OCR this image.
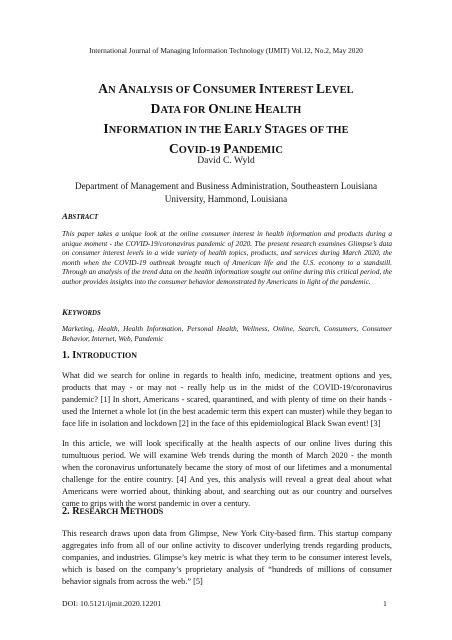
International Journal of Managing Information Technology (IJMIT) Vol.12, No.2, May 2020
AN ANALYSIS OF CONSUMER INTEREST LEVEL
DATA FOR ONLINE HEALTH
INFORMATION IN THE EARLY STAGES OF THE
COVID-19 PANDEMIC
David C. Wyld
Department of Management and Business Administration, Southeastern Louisiana
University, Hammond, Louisiana
ABSTRACT
This paper takes a unique look at the online consumer interest in health information and products during a unique moment - the COVID-19/coronavirus pandemic of 2020. The present research examines Glimpse’s data on consumer interest levels in a wide variety of health topics, products, and services during March 2020, the month when the COVID-19 outbreak brought much of American life and the U.S. economy to a standstill. Through an analysis of the trend data on the health information sought out online during this critical period, the author provides insights into the consumer behavior demonstrated by Americans in light of the pandemic.
KEYWORDS
Marketing, Health, Health Information, Personal Health, Wellness, Online, Search, Consumers, Consumer Behavior, Internet, Web, Pandemic
1. INTRODUCTION
What did we search for online in regards to health info, medicine, treatment options and yes, products that may - or may not - really help us in the midst of the COVID-19/coronavirus pandemic? [1] In short, Americans - scared, quarantined, and with plenty of time on their hands - used the Internet a whole lot (in the best academic term this expert can muster) while they began to face life in isolation and lockdown [2] in the face of this epidemiological Black Swan event! [3]
In this article, we will look specifically at the health aspects of our online lives during this tumultuous period. We will examine Web trends during the month of March 2020 - the month when the coronavirus unfortunately became the story of most of our lifetimes and a monumental challenge for the entire country. [4] And yes, this analysis will reveal a great deal about what Americans were worried about, thinking about, and searching out as our country and ourselves came to grips with the worst pandemic in over a century.
2. RESEARCH METHODS
This research draws upon data from Glimpse, New York City-based firm. This startup company aggregates info from all of our online activity to discover underlying trends regarding products, companies, and industries. Glimpse’s key metric is what they term to be consumer interest levels, which is based on the company’s proprietary analysis of “hundreds of millions of consumer behavior signals from across the web.” [5]
DOI: 10.5121/ijmit.2020.12201	1
